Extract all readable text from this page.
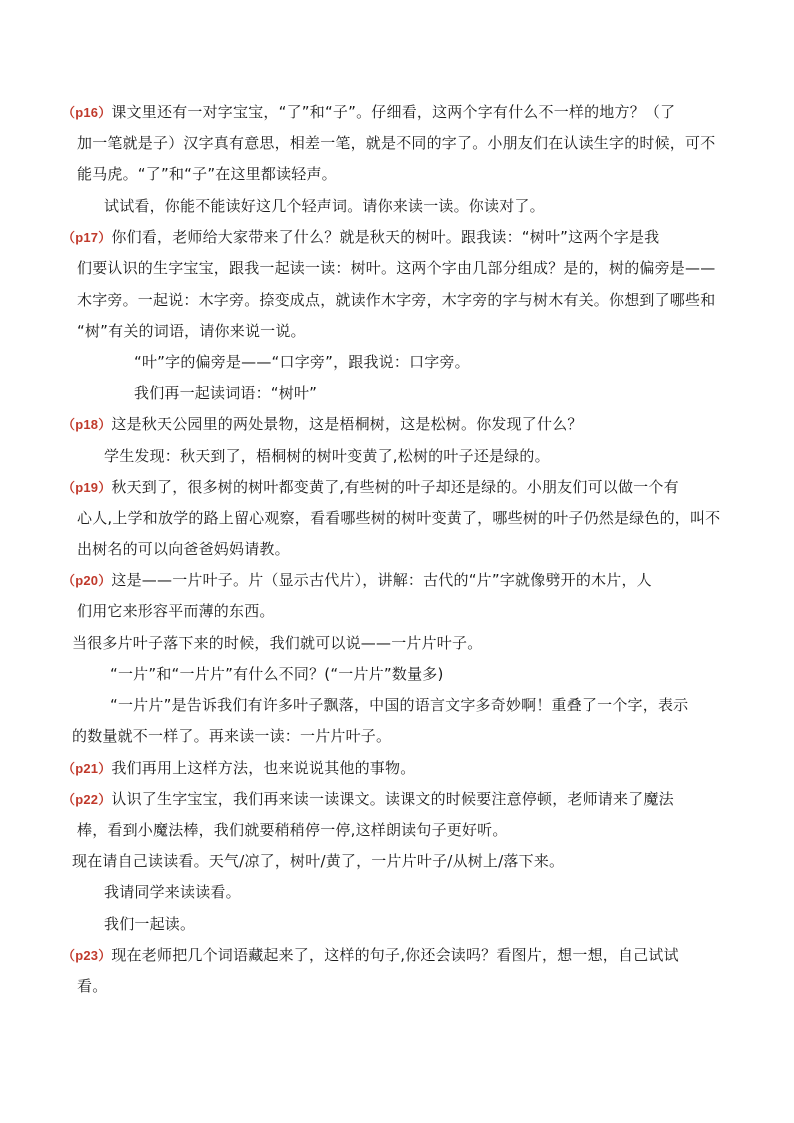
（p16）课文里还有一对字宝宝，“了”和“子”。仔细看，这两个字有什么不一样的地方？（了
加一笔就是子）汉字真有意思，相差一笔，就是不同的字了。小朋友们在认读生字的时候，可不
能马虎。“了”和“子”在这里都读轻声。
试试看，你能不能读好这几个轻声词。请你来读一读。你读对了。
（p17）你们看，老师给大家带来了什么？就是秋天的树叶。跟我读：“树叶”这两个字是我
们要认识的生字宝宝，跟我一起读一读：树叶。这两个字由几部分组成？是的，树的偏旁是——
木字旁。一起说：木字旁。捺变成点，就读作木字旁，木字旁的字与树木有关。你想到了哪些和
“树”有关的词语，请你来说一说。
“叶”字的偏旁是——“口字旁”，跟我说：口字旁。
我们再一起读词语：“树叶”
（p18）这是秋天公园里的两处景物，这是梧桐树，这是松树。你发现了什么？
学生发现：秋天到了，梧桐树的树叶变黄了,松树的叶子还是绿的。
（p19）秋天到了，很多树的树叶都变黄了,有些树的叶子却还是绿的。小朋友们可以做一个有
心人,上学和放学的路上留心观察，看看哪些树的树叶变黄了，哪些树的叶子仍然是绿色的，叫不
出树名的可以向爸爸妈妈请教。
（p20）这是——一片叶子。片（显示古代片），讲解：古代的“片”字就像劈开的木片，人
们用它来形容平而薄的东西。
当很多片叶子落下来的时候，我们就可以说——一片片叶子。
“一片”和“一片片”有什么不同？(“一片片”数量多)
“一片片”是告诉我们有许多叶子飘落，中国的语言文字多奇妙啊！重叠了一个字，表示
的数量就不一样了。再来读一读：一片片叶子。
（p21）我们再用上这样方法，也来说说其他的事物。
（p22）认识了生字宝宝，我们再来读一读课文。读课文的时候要注意停顿，老师请来了魔法
棒，看到小魔法棒，我们就要稍稍停一停,这样朗读句子更好听。
现在请自己读读看。天气/凉了，树叶/黄了，一片片叶子/从树上/落下来。
我请同学来读读看。
我们一起读。
（p23）现在老师把几个词语藏起来了，这样的句子,你还会读吗？看图片，想一想，自己试试
看。
